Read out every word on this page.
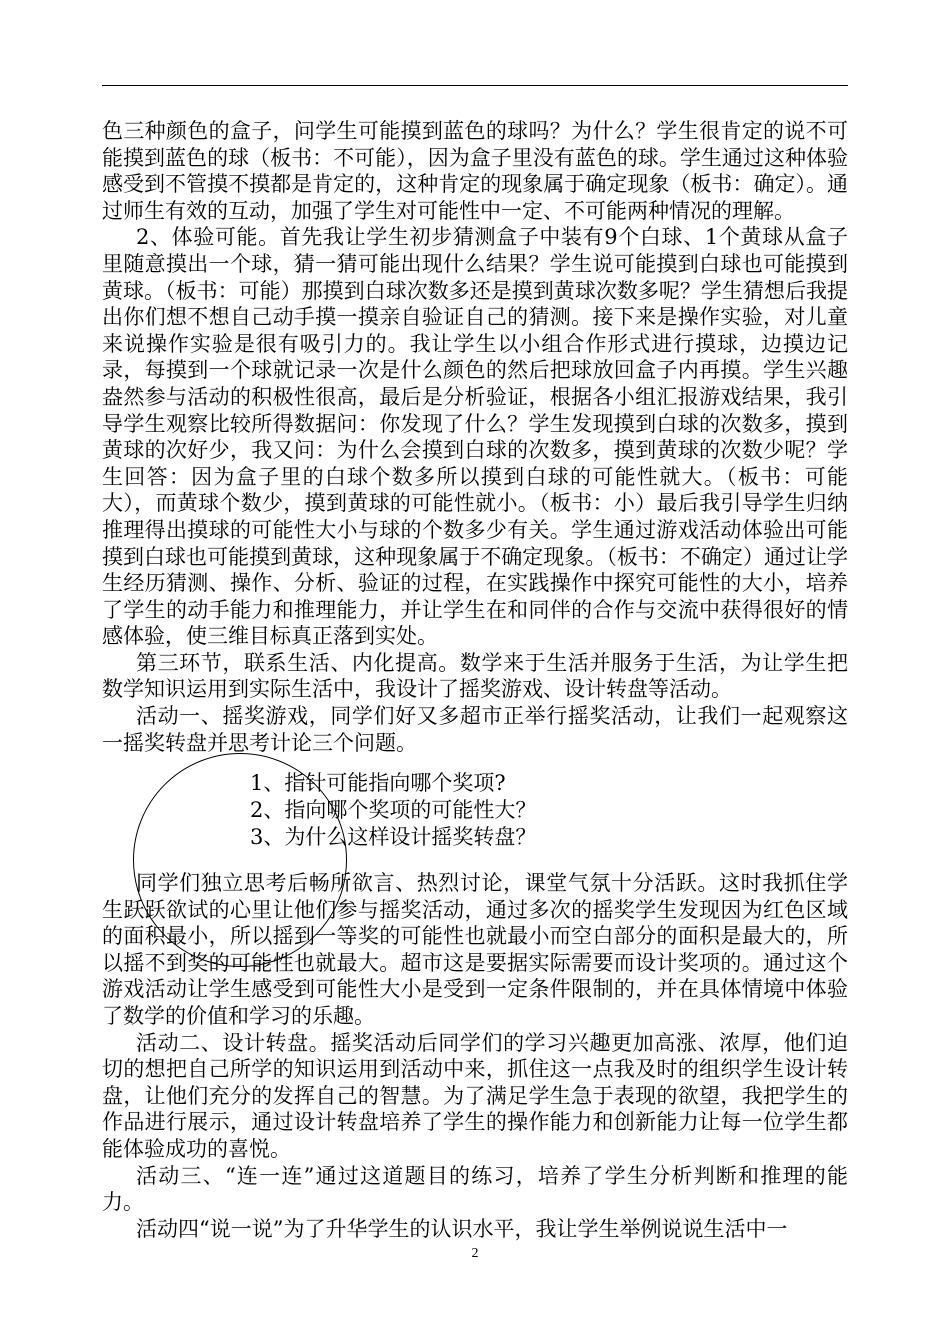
色三种颜色的盒子，问学生可能摸到蓝色的球吗？为什么？学生很肯定的说不可能摸到蓝色的球（板书：不可能），因为盒子里没有蓝色的球。学生通过这种体验感受到不管摸不摸都是肯定的，这种肯定的现象属于确定现象（板书：确定）。通过师生有效的互动，加强了学生对可能性中一定、不可能两种情况的理解。

2、体验可能。首先我让学生初步猜测盒子中装有9个白球、1个黄球从盒子里随意摸出一个球，猜一猜可能出现什么结果？学生说可能摸到白球也可能摸到黄球。（板书：可能）那摸到白球次数多还是摸到黄球次数多呢？学生猜想后我提出你们想不想自己动手摸一摸亲自验证自己的猜测。接下来是操作实验，对儿童来说操作实验是很有吸引力的。我让学生以小组合作形式进行摸球，边摸边记录，每摸到一个球就记录一次是什么颜色的然后把球放回盒子内再摸。学生兴趣盎然参与活动的积极性很高，最后是分析验证，根据各小组汇报游戏结果，我引导学生观察比较所得数据问：你发现了什么？学生发现摸到白球的次数多，摸到黄球的次好少，我又问：为什么会摸到白球的次数多，摸到黄球的次数少呢？学生回答：因为盒子里的白球个数多所以摸到白球的可能性就大。（板书：可能　大），而黄球个数少，摸到黄球的可能性就小。（板书：小）最后我引导学生归纳推理得出摸球的可能性大小与球的个数多少有关。学生通过游戏活动体验出可能摸到白球也可能摸到黄球，这种现象属于不确定现象。（板书：不确定）通过让学生经历猜测、操作、分析、验证的过程，在实践操作中探究可能性的大小，培养了学生的动手能力和推理能力，并让学生在和同伴的合作与交流中获得很好的情感体验，使三维目标真正落到实处。

第三环节，联系生活、内化提高。数学来于生活并服务于生活，为让学生把数学知识运用到实际生活中，我设计了摇奖游戏、设计转盘等活动。

活动一、摇奖游戏，同学们好又多超市正举行摇奖活动，让我们一起观察这一摇奖转盘并思考计论三个问题。

1、指针可能指向哪个奖项?
2、指向哪个奖项的可能性大？
3、为什么这样设计摇奖转盘？

同学们独立思考后畅所欲言、热烈讨论，课堂气氛十分活跃。这时我抓住学生跃跃欲试的心里让他们参与摇奖活动，通过多次的摇奖学生发现因为红色区域的面积最小，所以摇到一等奖的可能性也就最小而空白部分的面积是最大的，所以摇不到奖的可能性也就最大。超市这是要据实际需要而设计奖项的。通过这个游戏活动让学生感受到可能性大小是受到一定条件限制的，并在具体情境中体验了数学的价值和学习的乐趣。

活动二、设计转盘。摇奖活动后同学们的学习兴趣更加高涨、浓厚，他们迫切的想把自己所学的知识运用到活动中来，抓住这一点我及时的组织学生设计转盘，让他们充分的发挥自己的智慧。为了满足学生急于表现的欲望，我把学生的作品进行展示，通过设计转盘培养了学生的操作能力和创新能力让每一位学生都能体验成功的喜悦。

活动三、“连一连”通过这道题目的练习，培养了学生分析判断和推理的能力。

活动四“说一说”为了升华学生的认识水平，我让学生举例说说生活中一

2
